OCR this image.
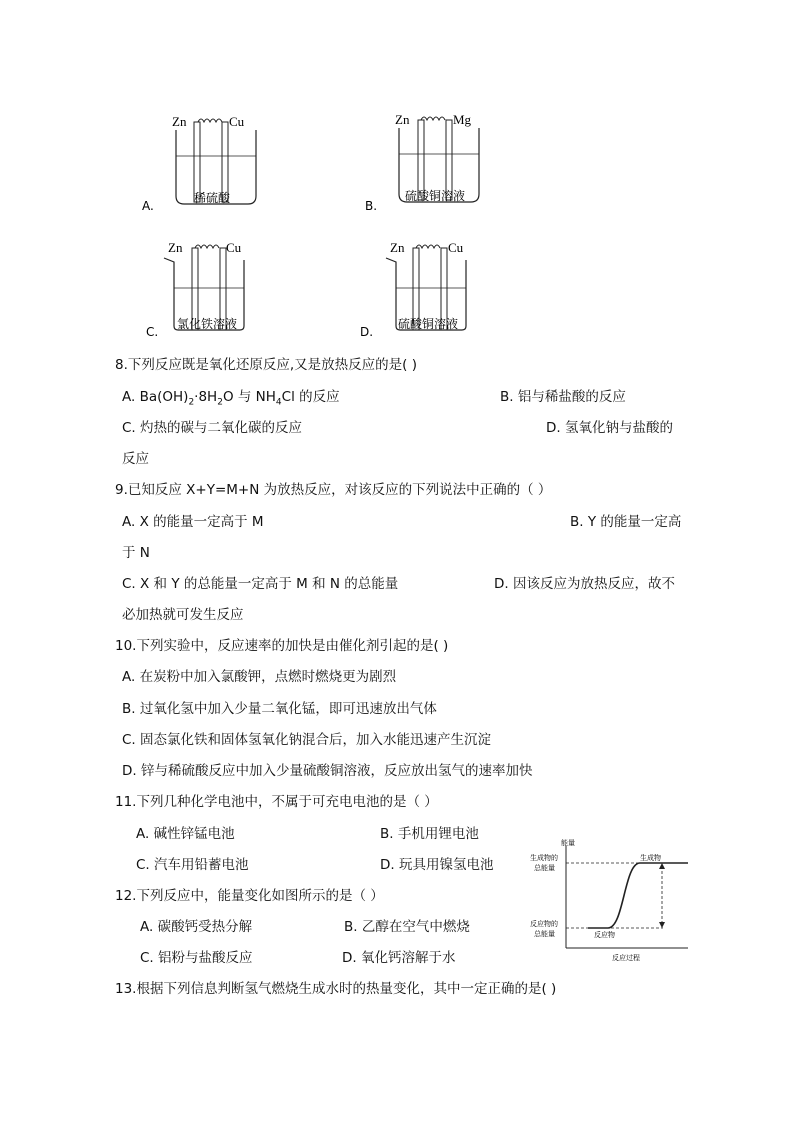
Zn	Cu
稀硫酸
A.
Zn	Mg
硫酸铜溶液
B.
Zn	Cu
氯化铁溶液
C.
Zn	Cu
硫酸铜溶液
D.
8.下列反应既是氧化还原反应,又是放热反应的是( )
A. $Ba(OH)_2\cdot 8H_2O$ 与 $NH_4Cl$ 的反应	B. 铝与稀盐酸的反应
C. 灼热的碳与二氧化碳的反应	D. 氢氧化钠与盐酸的
反应
9.已知反应 X+Y=M+N 为放热反应，对该反应的下列说法中正确的（ ）
A. X 的能量一定高于 M	B. Y 的能量一定高
于 N
C. X 和 Y 的总能量一定高于 M 和 N 的总能量	D. 因该反应为放热反应，故不
必加热就可发生反应
10.下列实验中，反应速率的加快是由催化剂引起的是( )
A. 在炭粉中加入氯酸钾，点燃时燃烧更为剧烈
B. 过氧化氢中加入少量二氧化锰，即可迅速放出气体
C. 固态氯化铁和固体氢氧化钠混合后，加入水能迅速产生沉淀
D. 锌与稀硫酸反应中加入少量硫酸铜溶液，反应放出氢气的速率加快
11.下列几种化学电池中，不属于可充电电池的是（ ）
A. 碱性锌锰电池	B. 手机用锂电池
C. 汽车用铅蓄电池	D. 玩具用镍氢电池
12.下列反应中，能量变化如图所示的是（ ）
A. 碳酸钙受热分解	B. 乙醇在空气中燃烧
C. 铝粉与盐酸反应	D. 氧化钙溶解于水
13.根据下列信息判断氢气燃烧生成水时的热量变化，其中一定正确的是( )
能量
生成物的
总能量
反应物的
总能量
生成物
反应物
反应过程
